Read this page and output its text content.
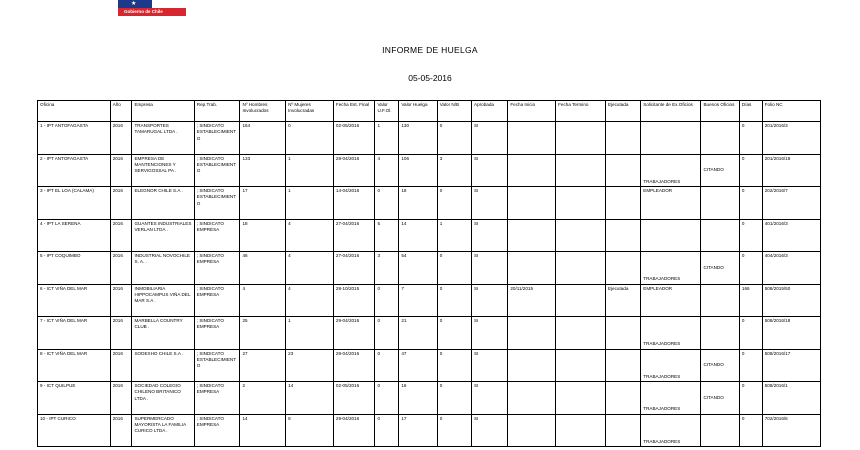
★
Gobierno de Chile
INFORME DE HUELGA
05-05-2016
Oficina	Año	Empresa	Rep.Trab.	Nº Hombres Involucrados	Nº Mujeres Involucradas	Fecha Est. Final	Valor U.F.Ol.	Valor Huelga	Valor N/B	Aprobada	Fecha Inicio	Fecha Termino	Ejecutada	Solicitante de Ex.Oficios	Buenos Oficios	Días	Folio NC
1 - IPT ANTOFAGASTA	2016	TRANSPORTES TAMARUGAL LTDA .	; SINDICATO ESTABLECIMIENTO	164	0	02-05/2016	1	130	0	SI						0	201/2016/3
2 - IPT ANTOFAGASTA	2016	EMPRESA DE MANTENCIONES Y SERVIGOSSAL PA .	; SINDICATO ESTABLECIMIENTO	133	1	28-04/2016	4	106	3	SI				TRABAJADORES	CITANDO	0	201/2016/18
3 - IPT EL LOA (CALAMA)	2016	ELEGNOR CHILE S.A .	; SINDICATO ESTABLECIMIENTO	17	1	14-04/2016	0	18	0	SI				EMPLEADOR		0	202/2016/7
4 - IPT LA SERENA	2016	GUANTES INDUSTRIALES VERLAN LTDA .	; SINDICATO EMPRESA	18	4	27-04/2016	5	14	1	SI						0	401/2016/3
5 - IPT COQUIMBO	2016	INDUSTRIAL NOVOCHILE S. A. .	; SINDICATO EMPRESA	46	4	27-04/2016	3	54	0	SI				TRABAJADORES	CITANDO	0	404/2016/3
6 - ICT VIÑA DEL MAR	2016	INMOBILIARIA HIPPOCAMPUS VIÑA DEL MAR S.A .	; SINDICATO EMPRESA	4	4	28-10/2015	0	7	0	SI	20/11/2015		Ejecutada	EMPLEADOR		166	508/2015/50
7 - ICT VIÑA DEL MAR	2016	MARBELLA COUNTRY CLUB .	; SINDICATO EMPRESA	25	1	29-04/2016	0	21	0	SI				TRABAJADORES		0	508/2016/18
8 - ICT VIÑA DEL MAR	2016	SODEXHO CHILE S.A .	; SINDICATO ESTABLECIMIENTO	27	23	28-04/2016	0	47	0	SI				TRABAJADORES	CITANDO	0	508/2016/17
9 - ICT QUILPUE	2016	SOCIEDAD COLEGIO CHILENO BRITANICO LTDA .	; SINDICATO EMPRESA	2	14	02-05/2016	0	16	0	SI				TRABAJADORES	CITANDO	0	508/2016/1
10 - IPT CURICO	2016	SUPERMERCADO MAYORISTA LA FAMILIA CURICO LTDA .	; SINDICATO EMPRESA	14	8	29-04/2016	0	17	0	SI				TRABAJADORES		0	702/2016/6
